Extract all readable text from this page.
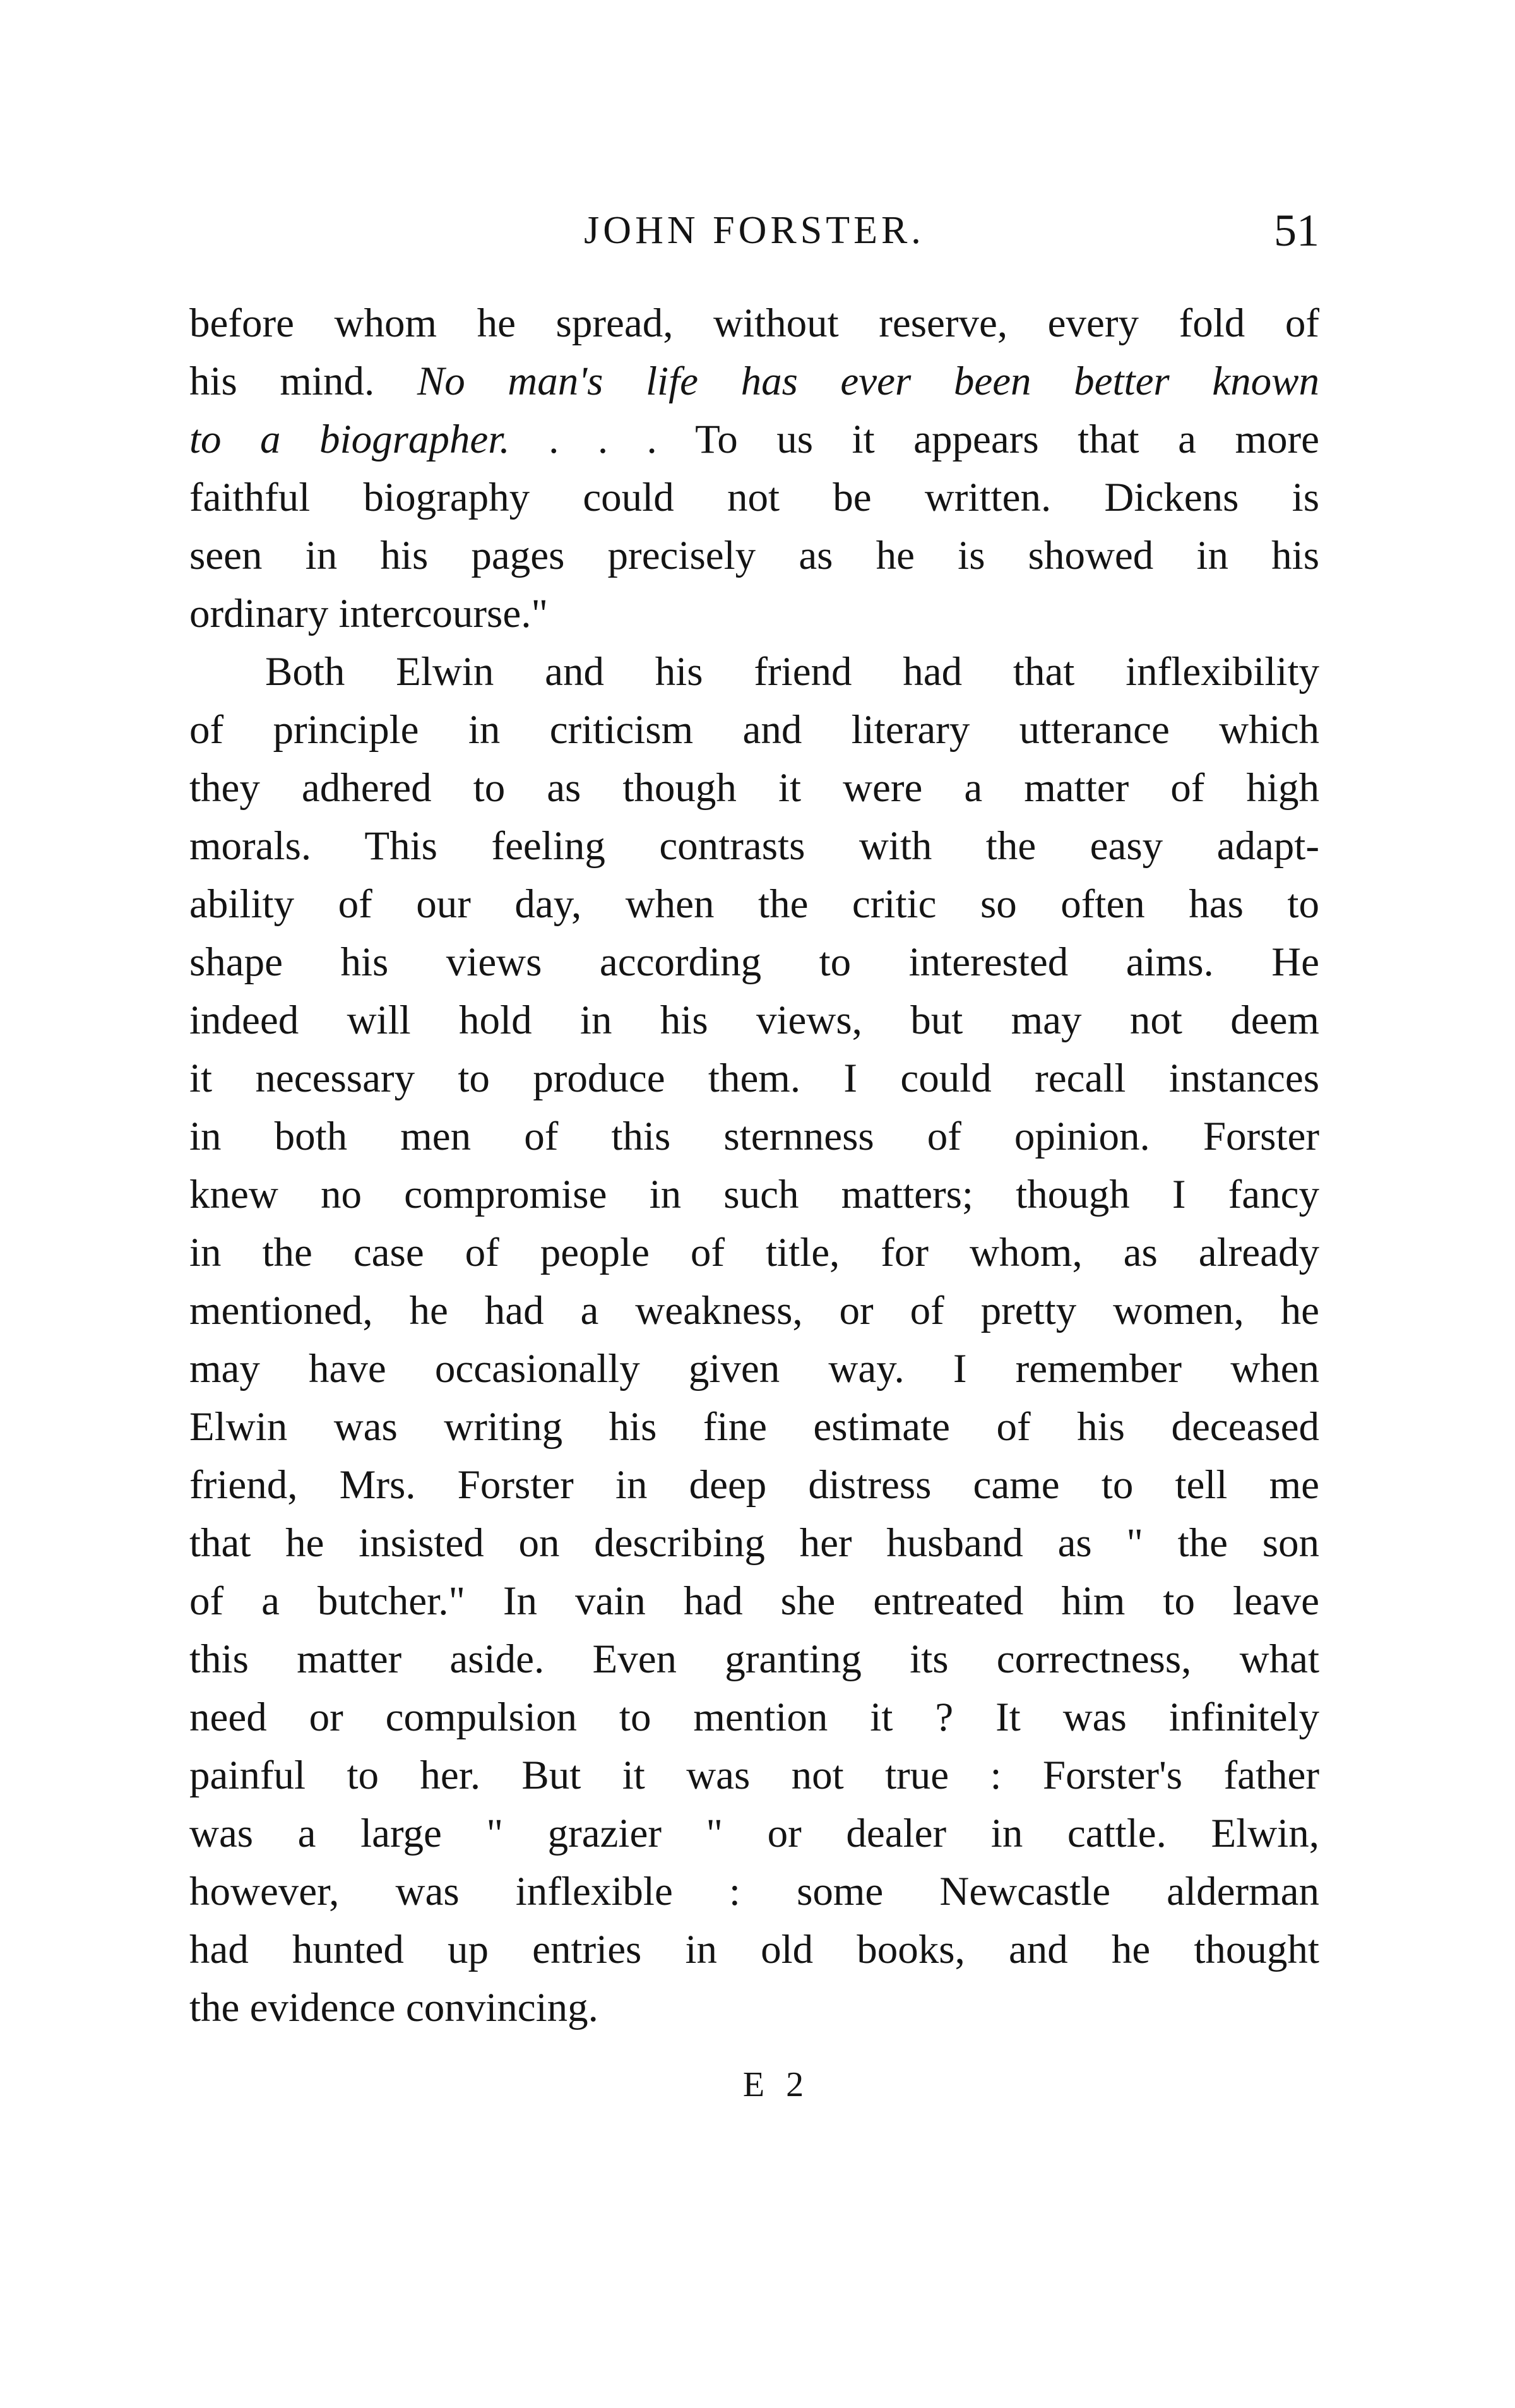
JOHN FORSTER.	51
before whom he spread, without reserve, every fold of
his mind. No man's life has ever been better known
to a biographer. . . . To us it appears that a more
faithful biography could not be written. Dickens is
seen in his pages precisely as he is showed in his
ordinary intercourse."
Both Elwin and his friend had that inflexibility
of principle in criticism and literary utterance which
they adhered to as though it were a matter of high
morals. This feeling contrasts with the easy adapt-
ability of our day, when the critic so often has to
shape his views according to interested aims. He
indeed will hold in his views, but may not deem
it necessary to produce them. I could recall instances
in both men of this sternness of opinion. Forster
knew no compromise in such matters; though I fancy
in the case of people of title, for whom, as already
mentioned, he had a weakness, or of pretty women, he
may have occasionally given way. I remember when
Elwin was writing his fine estimate of his deceased
friend, Mrs. Forster in deep distress came to tell me
that he insisted on describing her husband as " the son
of a butcher." In vain had she entreated him to leave
this matter aside. Even granting its correctness, what
need or compulsion to mention it ? It was infinitely
painful to her. But it was not true : Forster's father
was a large " grazier " or dealer in cattle. Elwin,
however, was inflexible : some Newcastle alderman
had hunted up entries in old books, and he thought
the evidence convincing.
E 2
